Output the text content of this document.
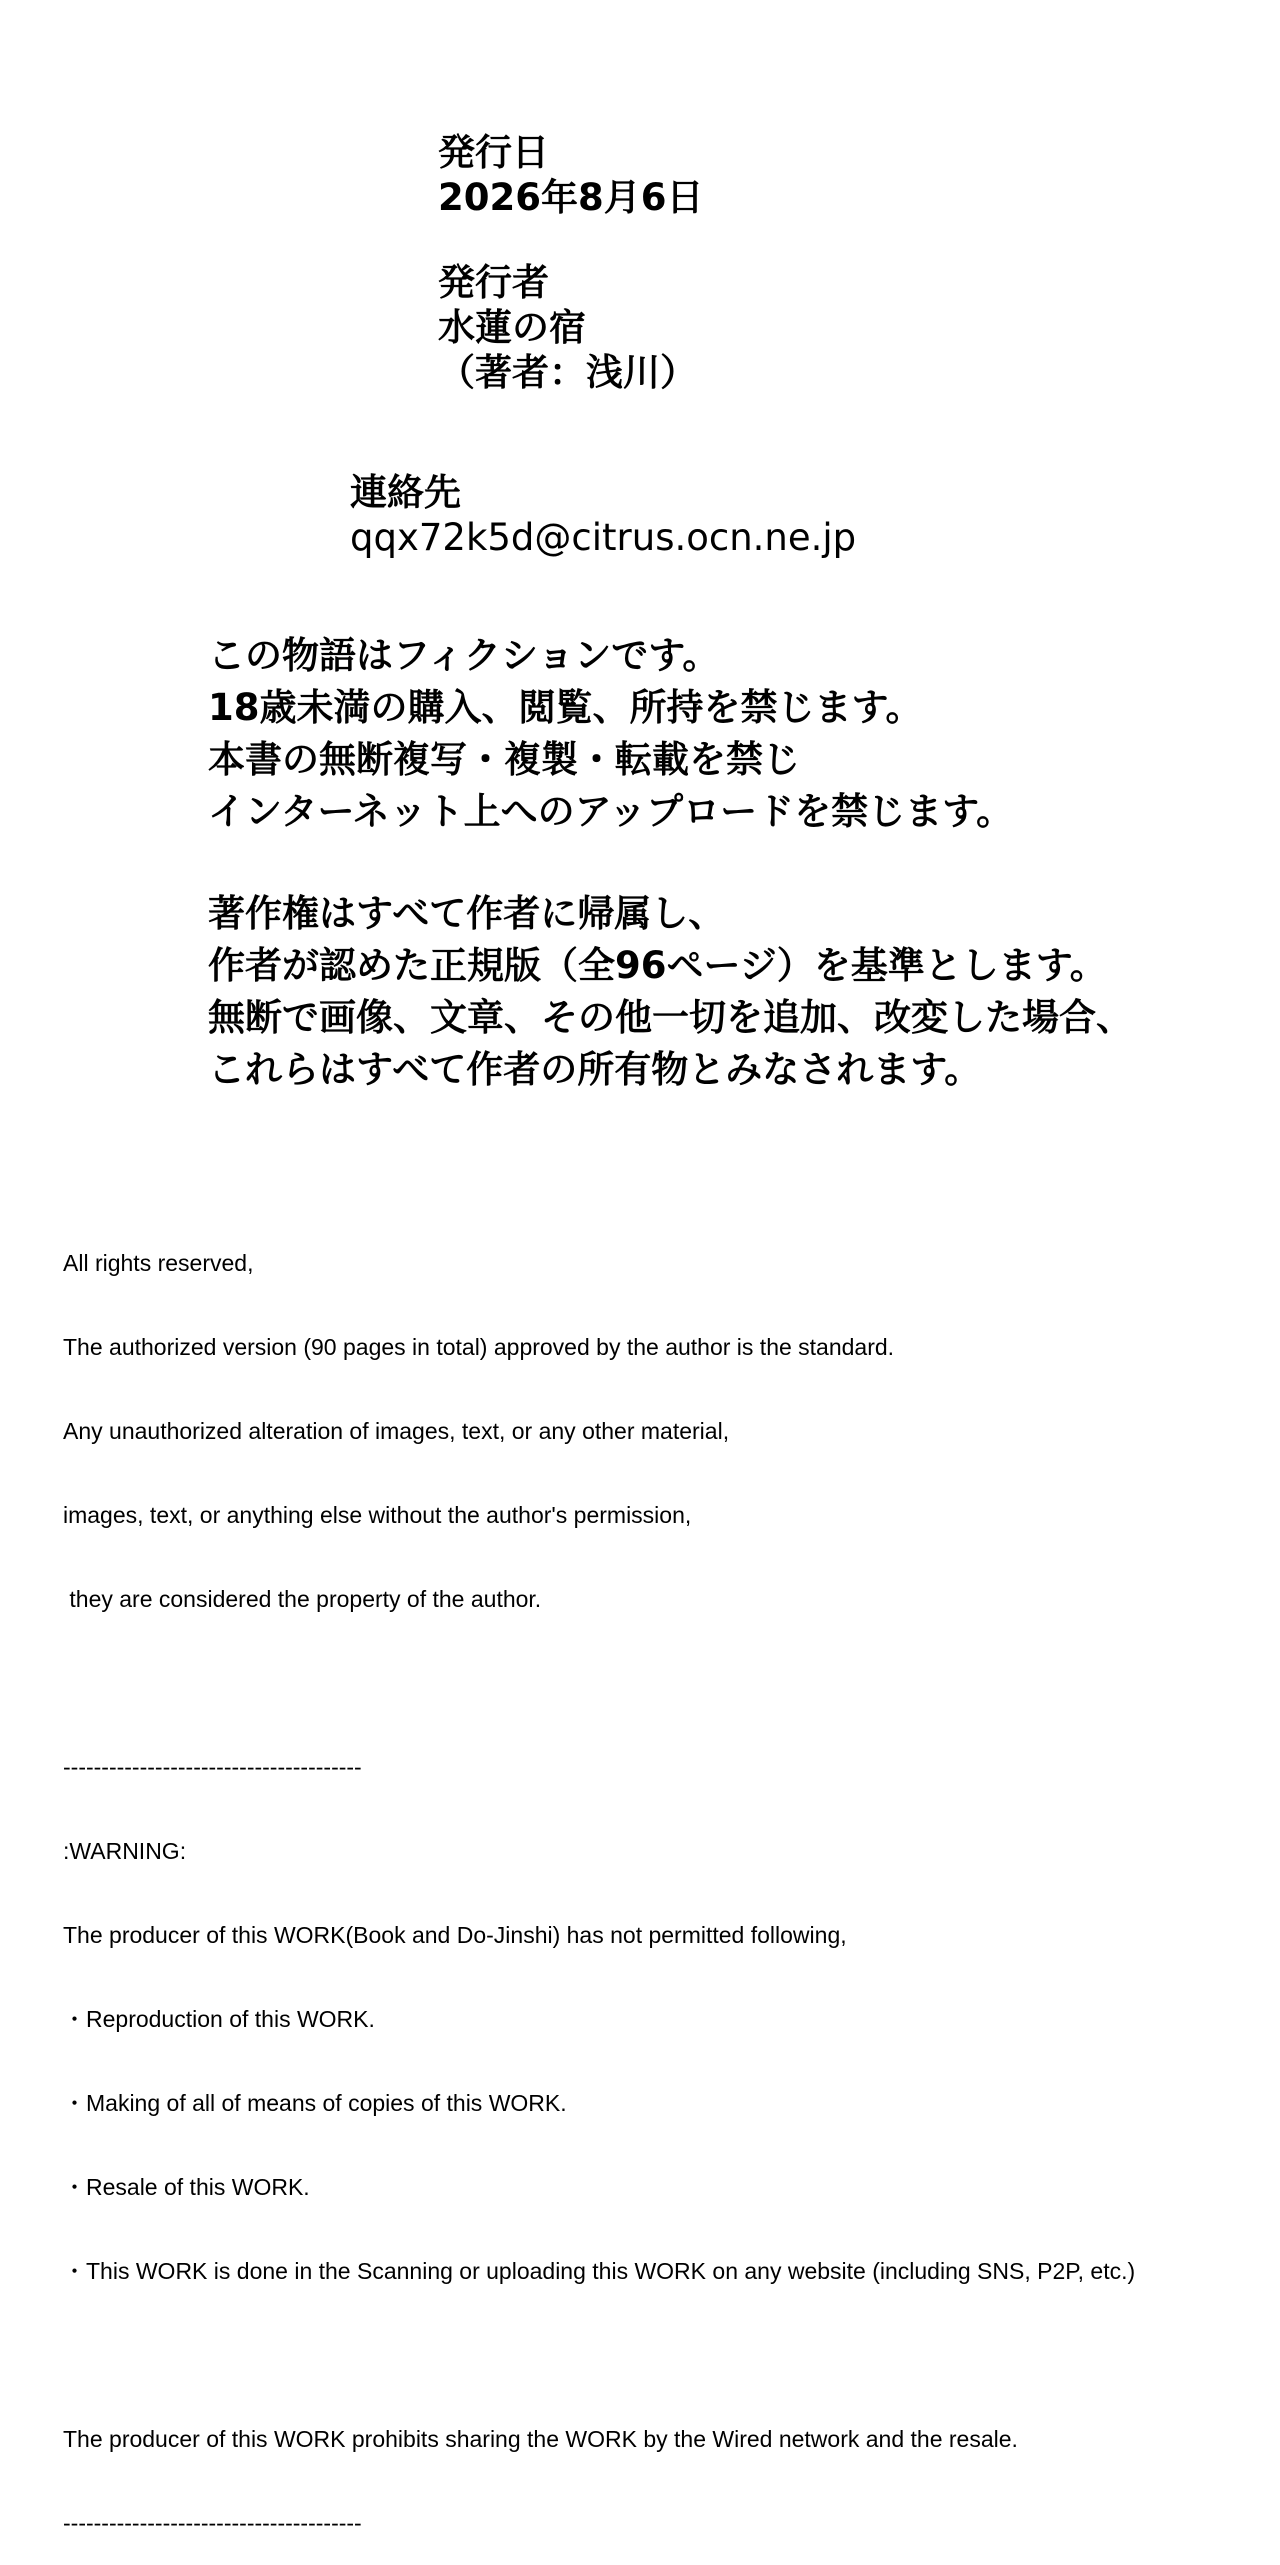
発行日
2026年8月6日
発行者
水蓮の宿
（著者：浅川）
連絡先
qqx72k5d@citrus.ocn.ne.jp
この物語はフィクションです。
18歳未満の購入、閲覧、所持を禁じます。
本書の無断複写・複製・転載を禁じ
インターネット上へのアップロードを禁じます。
著作権はすべて作者に帰属し、
作者が認めた正規版（全96ページ）を基準とします。
無断で画像、文章、その他一切を追加、改変した場合、
これらはすべて作者の所有物とみなされます。

All rights reserved,

The authorized version (90 pages in total) approved by the author is the standard.

Any unauthorized alteration of images, text, or any other material,

images, text, or anything else without the author's permission,

they are considered the property of the author.

---------------------------------------

:WARNING:

The producer of this WORK(Book and Do-Jinshi) has not permitted following,

・Reproduction of this WORK.

・Making of all of means of copies of this WORK.

・Resale of this WORK.

・This WORK is done in the Scanning or uploading this WORK on any website (including SNS, P2P, etc.)

The producer of this WORK prohibits sharing the WORK by the Wired network and the resale.

---------------------------------------
